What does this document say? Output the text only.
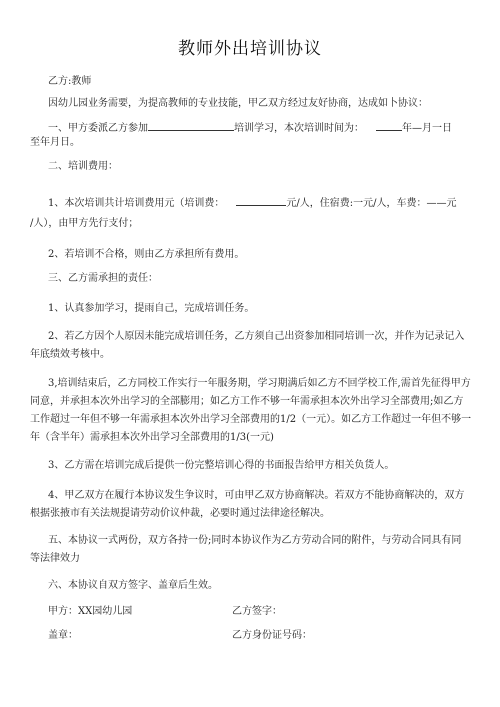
教师外出培训协议
乙方:教师
因幼儿园业务需要，为提高教师的专业技能，甲乙双方经过友好协商，达成如卜协议：
一、甲方委派乙方参加	培训学习，本次培训时间为：	年—月一日
至年月日。
二、培训费用：
1、本次培训共计培训费用元（培训费：	元/人，住宿费:一元/人，车费：——元
/人），由甲方先行支付；
2、若培训不合格，则由乙方承担所有费用。
三、乙方需承担的责任：
1、认真参加学习，提雨自己，完成培训任务。
2、若乙方因个人原因未能完成培训任务，乙方须自己出资参加相同培训一次，并作为记录记入
年底绩效考核中。
3,培训结束后，乙方同校工作实行一年服务期，学习期满后如乙方不回学校工作,需首先征得甲方
同意，并承担本次外出学习的全部膨用；如乙方工作不够一年需承担本次外出学习全部费用;如乙方
工作超过一年但不够一年需承担本次外出学习全部费用的1/2（一元）。如乙方工作超过一年但不够一
年（含半年）需承担本次外出学习全部费用的1/3(一元)
3、乙方需在培训完成后提供一份完整培训心得的书面报告给甲方相关负货人。
4、甲乙双方在履行本协议发生争议时，可由甲乙双方协商解决。若双方不能协商解决的，双方
根据张掖市有关法规提请劳动价议仲裁，必要时通过法律途径解决。
五、本协议一式两份，双方各持一份;同时本协议作为乙方劳动合同的附件，与劳动合同具有同
等法律效力
六、本协议自双方签字、盖章后生效。
甲方：XX园幼儿园	乙方签字：
盖章：	乙方身份证号码：
